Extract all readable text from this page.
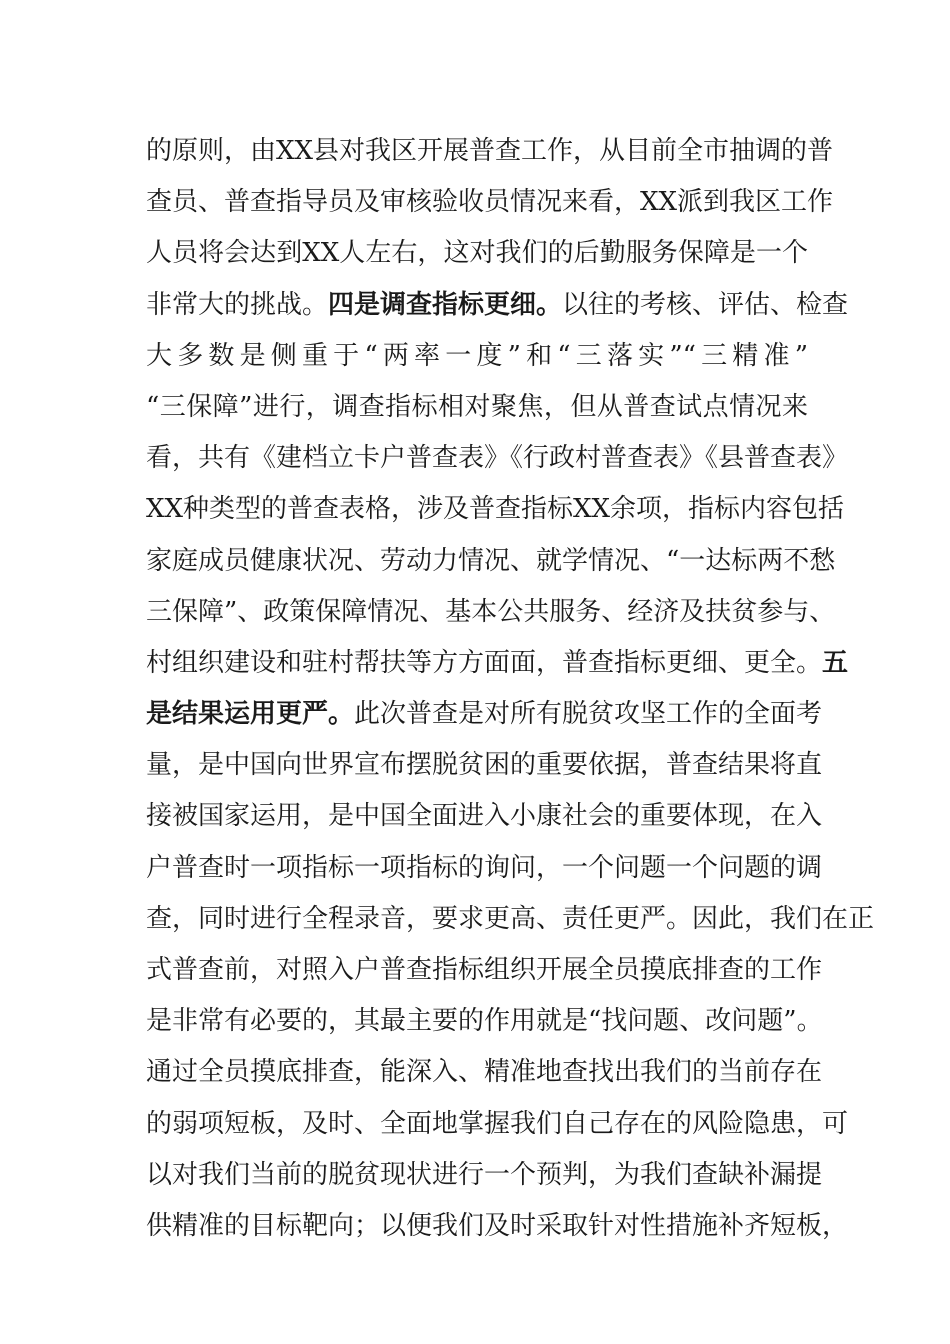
的原则，由XX县对我区开展普查工作，从目前全市抽调的普
查员、普查指导员及审核验收员情况来看，XX派到我区工作
人员将会达到XX人左右，这对我们的后勤服务保障是一个
非常大的挑战。四是调查指标更细。以往的考核、评估、检查
大多数是侧重于“两率一度”和“三落实”“三精准”
“三保障”进行，调查指标相对聚焦，但从普查试点情况来
看，共有《建档立卡户普查表》《行政村普查表》《县普查表》
XX种类型的普查表格，涉及普查指标XX余项，指标内容包括
家庭成员健康状况、劳动力情况、就学情况、“一达标两不愁
三保障”、政策保障情况、基本公共服务、经济及扶贫参与、
村组织建设和驻村帮扶等方方面面，普查指标更细、更全。五
是结果运用更严。此次普查是对所有脱贫攻坚工作的全面考
量，是中国向世界宣布摆脱贫困的重要依据，普查结果将直
接被国家运用，是中国全面进入小康社会的重要体现，在入
户普查时一项指标一项指标的询问，一个问题一个问题的调
查，同时进行全程录音，要求更高、责任更严。因此，我们在正
式普查前，对照入户普查指标组织开展全员摸底排查的工作
是非常有必要的，其最主要的作用就是“找问题、改问题”。
通过全员摸底排查，能深入、精准地查找出我们的当前存在
的弱项短板，及时、全面地掌握我们自己存在的风险隐患，可
以对我们当前的脱贫现状进行一个预判，为我们查缺补漏提
供精准的目标靶向；以便我们及时采取针对性措施补齐短板，
